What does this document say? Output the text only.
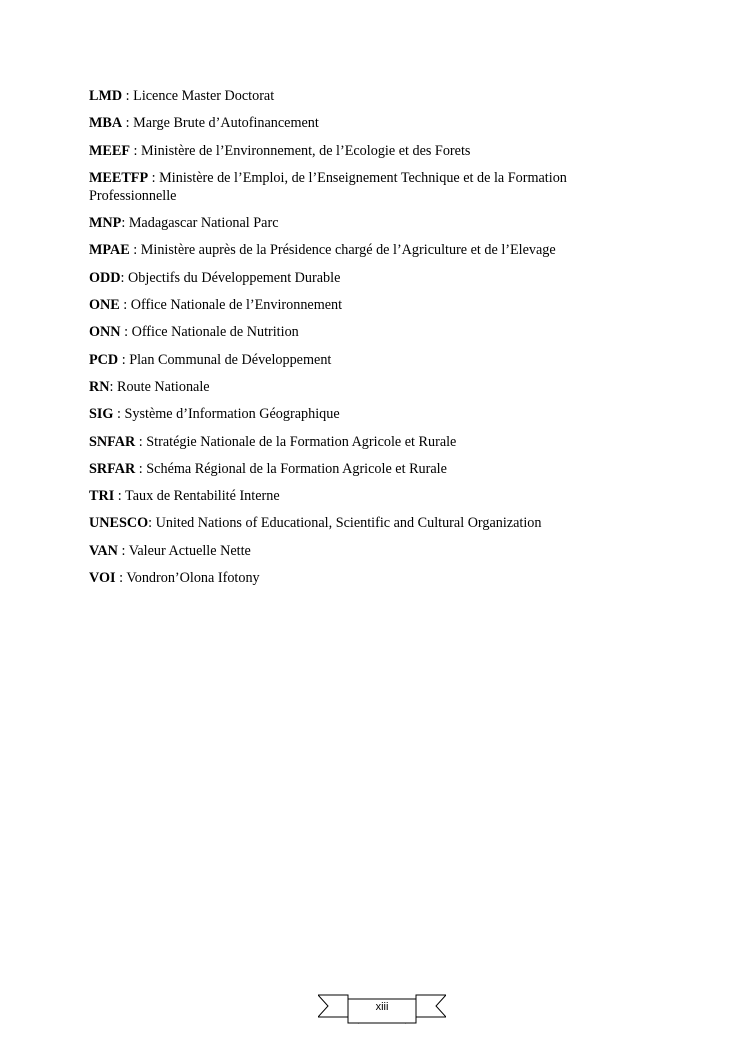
LMD : Licence Master Doctorat
MBA : Marge Brute d’Autofinancement
MEEF : Ministère de l’Environnement, de l’Ecologie et des Forets
MEETFP : Ministère de l’Emploi, de l’Enseignement Technique et de la Formation Professionnelle
MNP: Madagascar National Parc
MPAE : Ministère auprès de la Présidence chargé de l’Agriculture et de l’Elevage
ODD: Objectifs du Développement Durable
ONE : Office Nationale de l’Environnement
ONN : Office Nationale de Nutrition
PCD : Plan Communal de Développement
RN: Route Nationale
SIG : Système d’Information Géographique
SNFAR : Stratégie Nationale de la Formation Agricole et Rurale
SRFAR : Schéma Régional de la Formation Agricole et Rurale
TRI : Taux de Rentabilité Interne
UNESCO: United Nations of Educational, Scientific and Cultural Organization
VAN : Valeur Actuelle Nette
VOI : Vondron’Olona Ifotony
xiii
